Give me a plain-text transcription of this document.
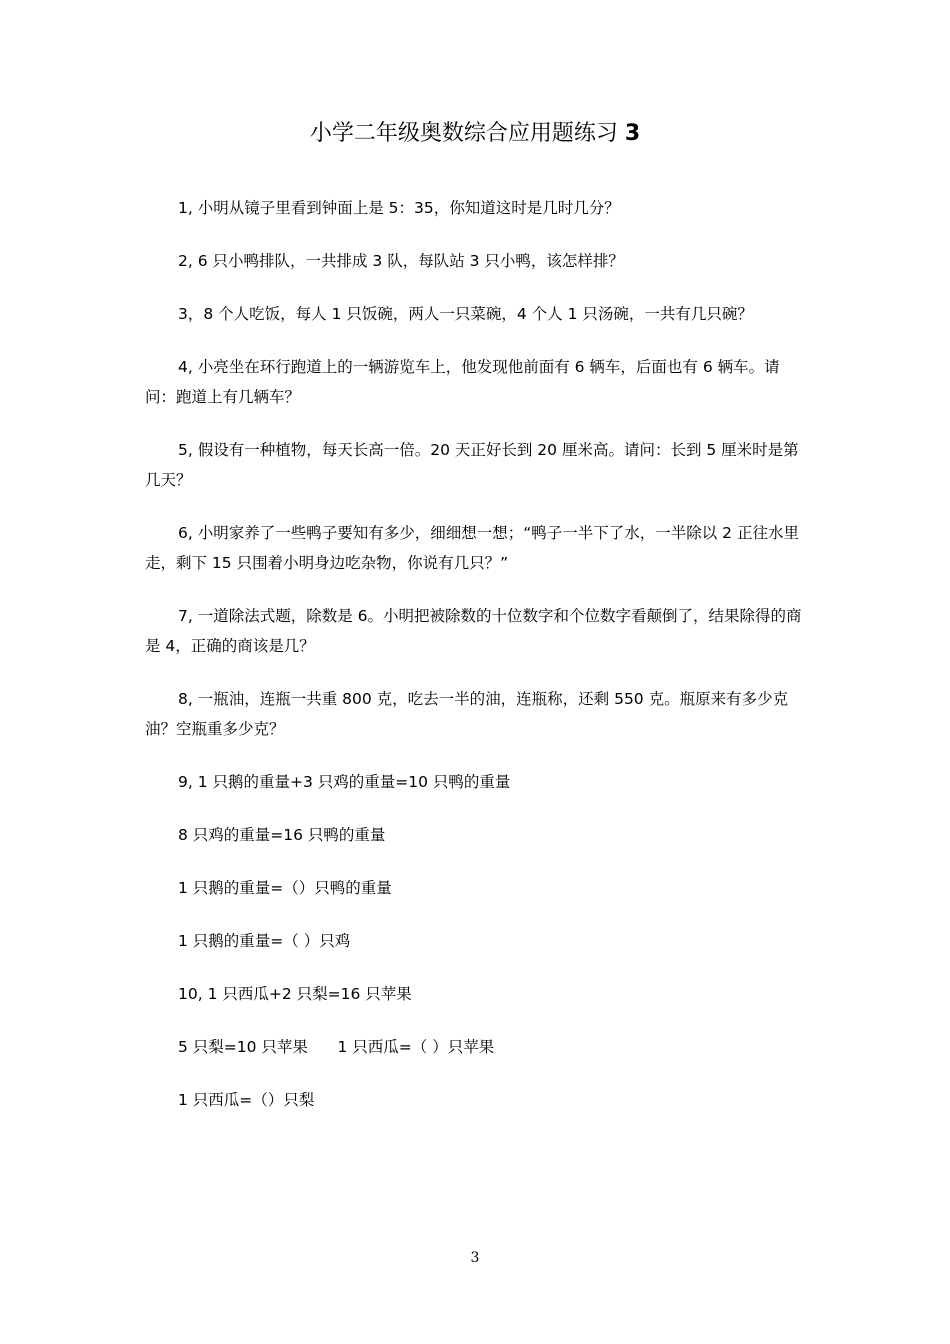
小学二年级奥数综合应用题练习 3

1, 小明从镜子里看到钟面上是 5：35，你知道这时是几时几分？

2, 6 只小鸭排队，一共排成 3 队，每队站 3 只小鸭，该怎样排？

3，8 个人吃饭，每人 1 只饭碗，两人一只菜碗，4 个人 1 只汤碗，一共有几只碗？

4, 小亮坐在环行跑道上的一辆游览车上，他发现他前面有 6 辆车，后面也有 6 辆车。请问：跑道上有几辆车？

5, 假设有一种植物，每天长高一倍。20 天正好长到 20 厘米高。请问：长到 5 厘米时是第几天？

6, 小明家养了一些鸭子要知有多少，细细想一想；“鸭子一半下了水，一半除以 2 正往水里走，剩下 15 只围着小明身边吃杂物，你说有几只？”

7, 一道除法式题，除数是 6。小明把被除数的十位数字和个位数字看颠倒了，结果除得的商是 4，正确的商该是几？

8, 一瓶油，连瓶一共重 800 克，吃去一半的油，连瓶称，还剩 550 克。瓶原来有多少克油？空瓶重多少克？

9, 1 只鹅的重量+3 只鸡的重量=10 只鸭的重量

8 只鸡的重量=16 只鸭的重量

1 只鹅的重量=（）只鸭的重量

1 只鹅的重量=（ ）只鸡

10, 1 只西瓜+2 只梨=16 只苹果

5 只梨=10 只苹果      1 只西瓜=（ ）只苹果

1 只西瓜=（）只梨

3
